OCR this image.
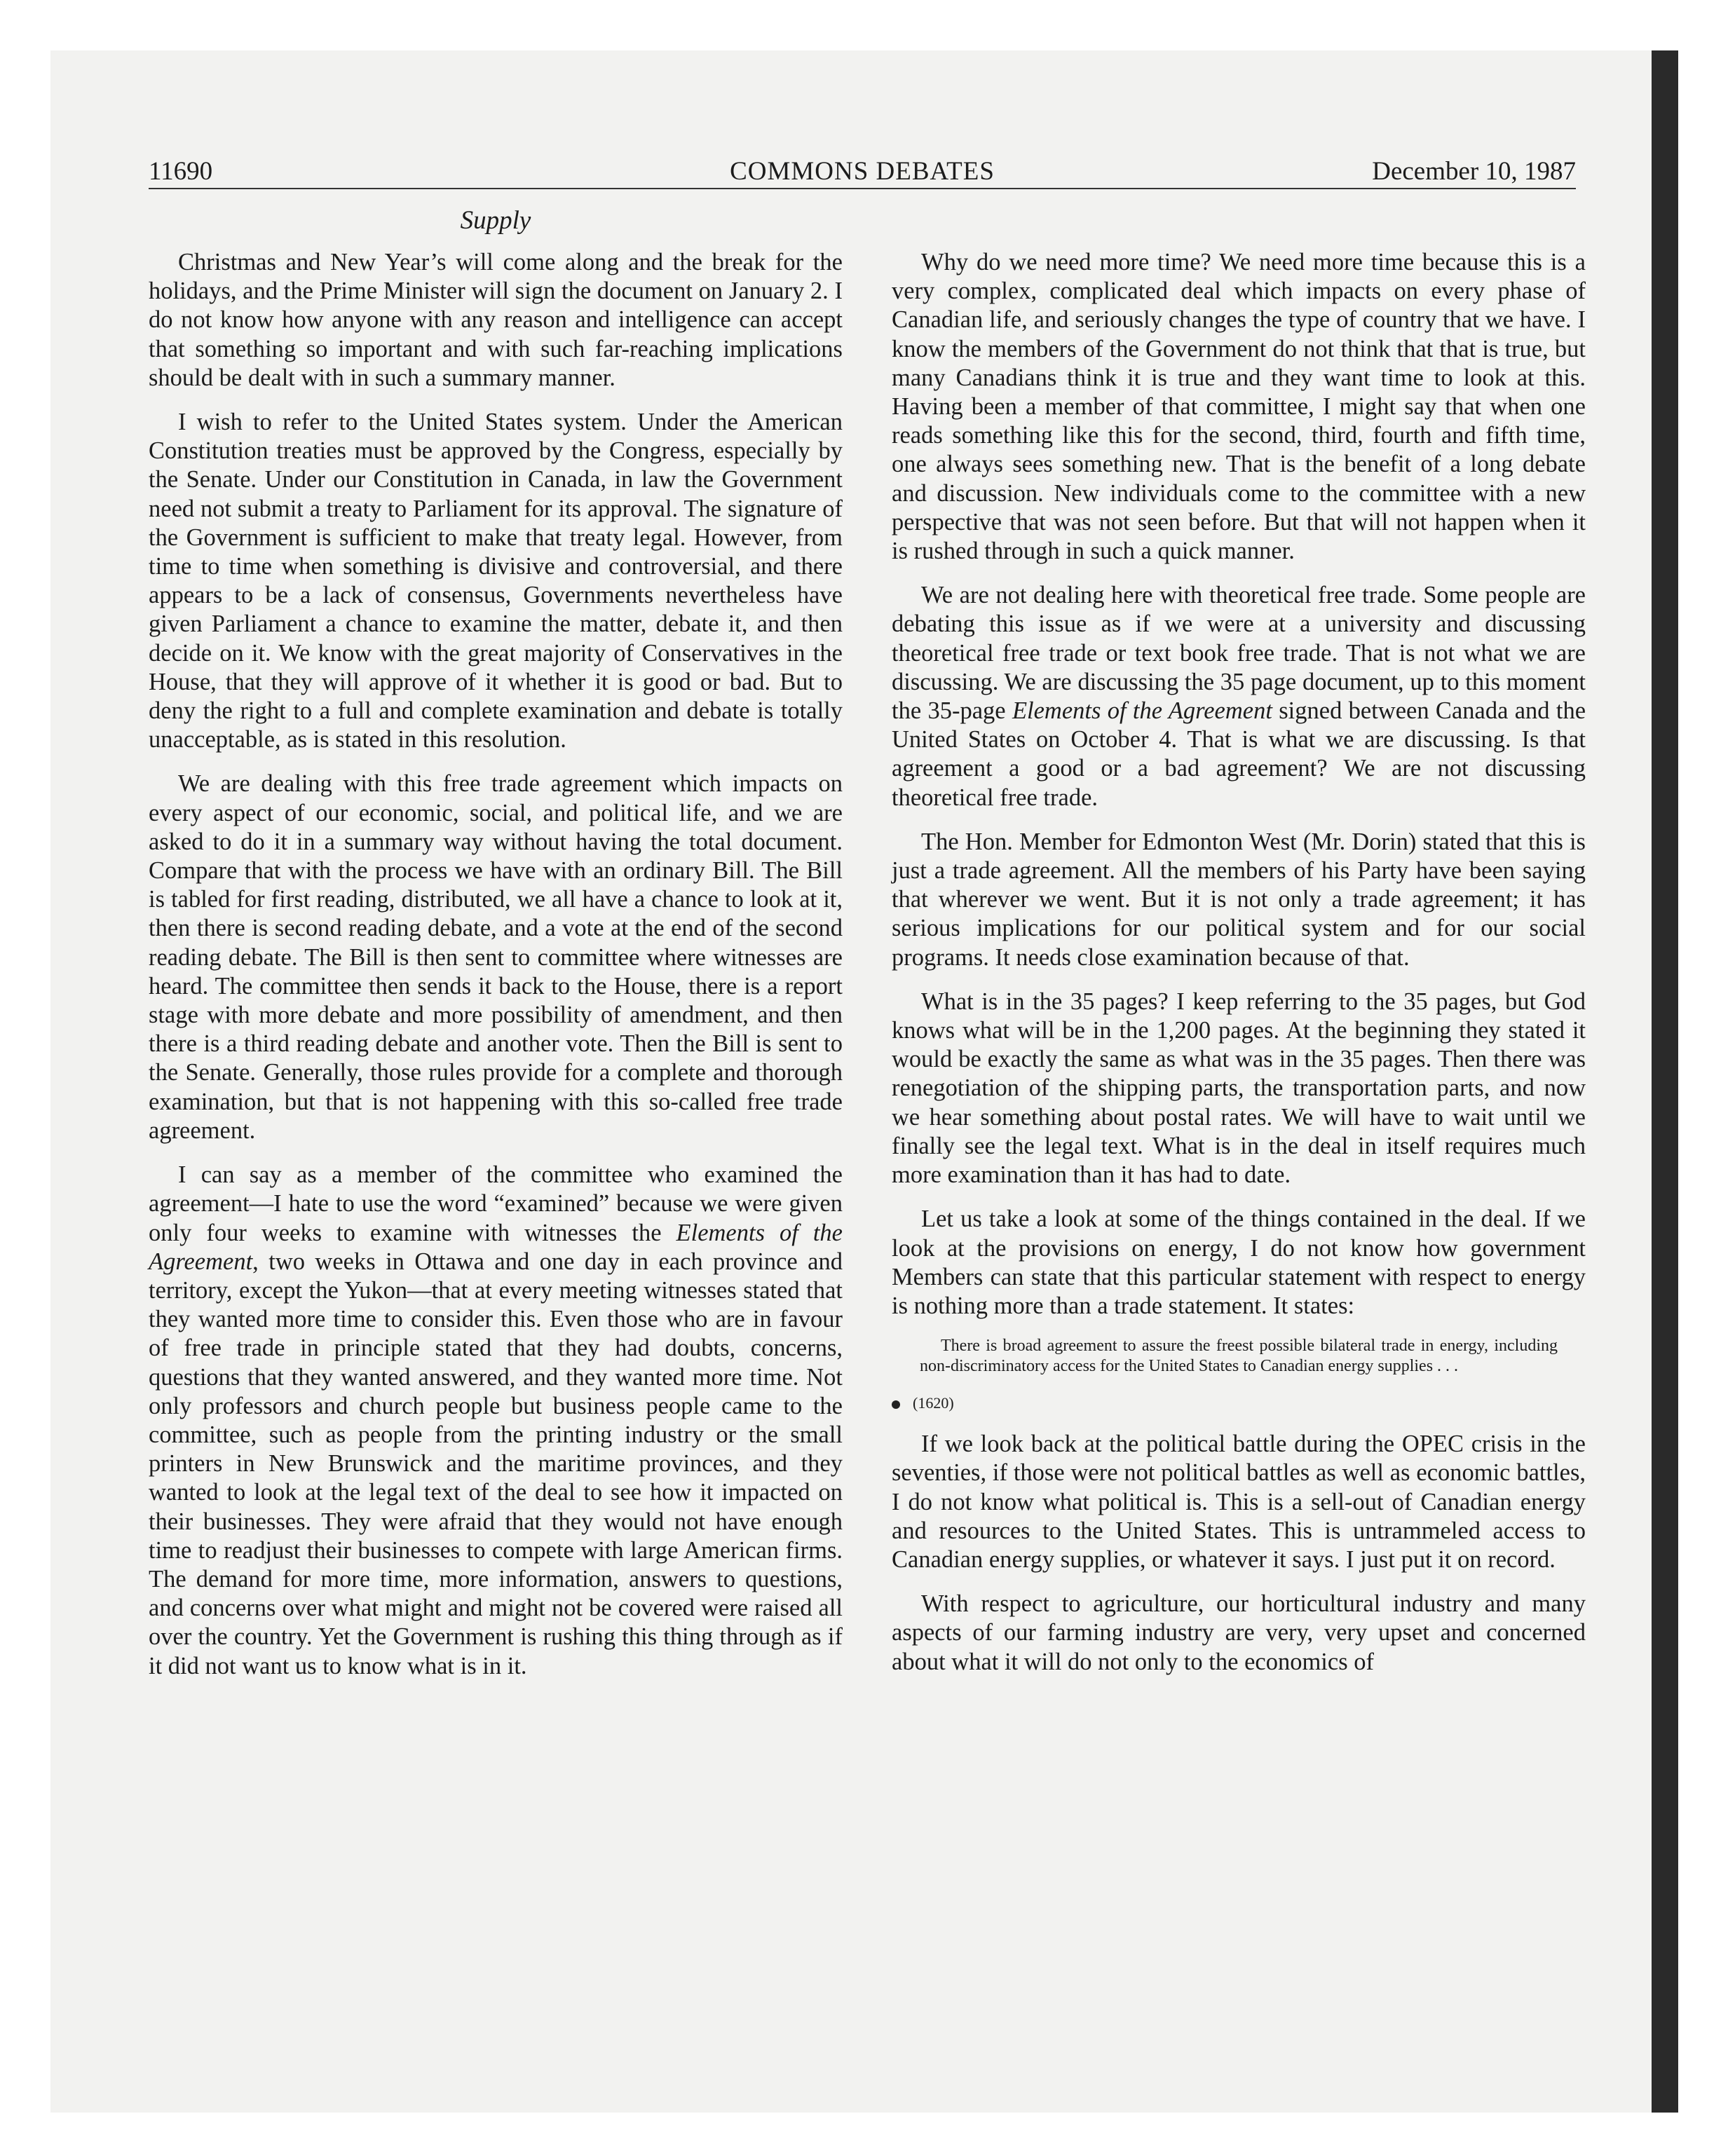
11690	COMMONS DEBATES	December 10, 1987
Supply

Christmas and New Year’s will come along and the break for the holidays, and the Prime Minister will sign the document on January 2. I do not know how anyone with any reason and intelligence can accept that something so important and with such far-reaching implications should be dealt with in such a summary manner.

I wish to refer to the United States system. Under the American Constitution treaties must be approved by the Congress, especially by the Senate. Under our Constitution in Canada, in law the Government need not submit a treaty to Parliament for its approval. The signature of the Government is sufficient to make that treaty legal. However, from time to time when something is divisive and controversial, and there appears to be a lack of consensus, Governments nevertheless have given Parliament a chance to examine the matter, debate it, and then decide on it. We know with the great majority of Conservatives in the House, that they will approve of it whether it is good or bad. But to deny the right to a full and complete examination and debate is totally unacceptable, as is stated in this resolution.

We are dealing with this free trade agreement which impacts on every aspect of our economic, social, and political life, and we are asked to do it in a summary way without having the total document. Compare that with the process we have with an ordinary Bill. The Bill is tabled for first reading, distributed, we all have a chance to look at it, then there is second reading debate, and a vote at the end of the second reading debate. The Bill is then sent to committee where witnesses are heard. The committee then sends it back to the House, there is a report stage with more debate and more possibility of amendment, and then there is a third reading debate and another vote. Then the Bill is sent to the Senate. Generally, those rules provide for a complete and thorough examination, but that is not happening with this so-called free trade agreement.

I can say as a member of the committee who examined the agreement—I hate to use the word “examined” because we were given only four weeks to examine with witnesses the Elements of the Agreement, two weeks in Ottawa and one day in each province and territory, except the Yukon—that at every meeting witnesses stated that they wanted more time to consider this. Even those who are in favour of free trade in principle stated that they had doubts, concerns, questions that they wanted answered, and they wanted more time. Not only professors and church people but business people came to the committee, such as people from the printing industry or the small printers in New Brunswick and the maritime provinces, and they wanted to look at the legal text of the deal to see how it impacted on their businesses. They were afraid that they would not have enough time to readjust their businesses to compete with large American firms. The demand for more time, more information, answers to questions, and concerns over what might and might not be covered were raised all over the country. Yet the Government is rushing this thing through as if it did not want us to know what is in it.

Why do we need more time? We need more time because this is a very complex, complicated deal which impacts on every phase of Canadian life, and seriously changes the type of country that we have. I know the members of the Government do not think that that is true, but many Canadians think it is true and they want time to look at this. Having been a member of that committee, I might say that when one reads something like this for the second, third, fourth and fifth time, one always sees something new. That is the benefit of a long debate and discussion. New individuals come to the committee with a new perspective that was not seen before. But that will not happen when it is rushed through in such a quick manner.

We are not dealing here with theoretical free trade. Some people are debating this issue as if we were at a university and discussing theoretical free trade or text book free trade. That is not what we are discussing. We are discussing the 35 page document, up to this moment the 35-page Elements of the Agreement signed between Canada and the United States on October 4. That is what we are discussing. Is that agreement a good or a bad agreement? We are not discussing theoretical free trade.

The Hon. Member for Edmonton West (Mr. Dorin) stated that this is just a trade agreement. All the members of his Party have been saying that wherever we went. But it is not only a trade agreement; it has serious implications for our political system and for our social programs. It needs close examination because of that.

What is in the 35 pages? I keep referring to the 35 pages, but God knows what will be in the 1,200 pages. At the beginning they stated it would be exactly the same as what was in the 35 pages. Then there was renegotiation of the shipping parts, the transportation parts, and now we hear something about postal rates. We will have to wait until we finally see the legal text. What is in the deal in itself requires much more examination than it has had to date.

Let us take a look at some of the things contained in the deal. If we look at the provisions on energy, I do not know how government Members can state that this particular statement with respect to energy is nothing more than a trade statement. It states:

There is broad agreement to assure the freest possible bilateral trade in energy, including non-discriminatory access for the United States to Canadian energy supplies . . .

(1620)

If we look back at the political battle during the OPEC crisis in the seventies, if those were not political battles as well as economic battles, I do not know what political is. This is a sell-out of Canadian energy and resources to the United States. This is untrammeled access to Canadian energy supplies, or whatever it says. I just put it on record.

With respect to agriculture, our horticultural industry and many aspects of our farming industry are very, very upset and concerned about what it will do not only to the economics of
